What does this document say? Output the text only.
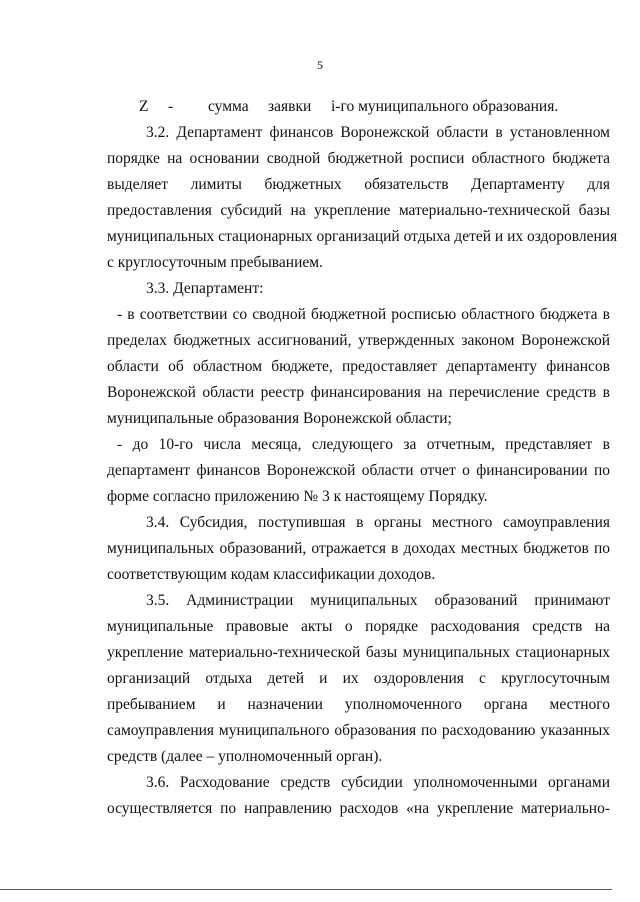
5
Z - сумма заявки i-го муниципального образования.
3.2. Департамент финансов Воронежской области в установленном
порядке на основании сводной бюджетной росписи областного бюджета
выделяет лимиты бюджетных обязательств Департаменту для
предоставления субсидий на укрепление материально-технической базы
муниципальных стационарных организаций отдыха детей и их оздоровления
с круглосуточным пребыванием.
3.3. Департамент:
- в соответствии со сводной бюджетной росписью областного бюджета в
пределах бюджетных ассигнований, утвержденных законом Воронежской
области об областном бюджете, предоставляет департаменту финансов
Воронежской области реестр финансирования на перечисление средств в
муниципальные образования Воронежской области;
- до 10-го числа месяца, следующего за отчетным, представляет в
департамент финансов Воронежской области отчет о финансировании по
форме согласно приложению № 3 к настоящему Порядку.
3.4. Субсидия, поступившая в органы местного самоуправления
муниципальных образований, отражается в доходах местных бюджетов по
соответствующим кодам классификации доходов.
3.5. Администрации муниципальных образований принимают
муниципальные правовые акты о порядке расходования средств на
укрепление материально-технической базы муниципальных стационарных
организаций отдыха детей и их оздоровления с круглосуточным
пребыванием и назначении уполномоченного органа местного
самоуправления муниципального образования по расходованию указанных
средств (далее – уполномоченный орган).
3.6. Расходование средств субсидии уполномоченными органами
осуществляется по направлению расходов «на укрепление материально-
